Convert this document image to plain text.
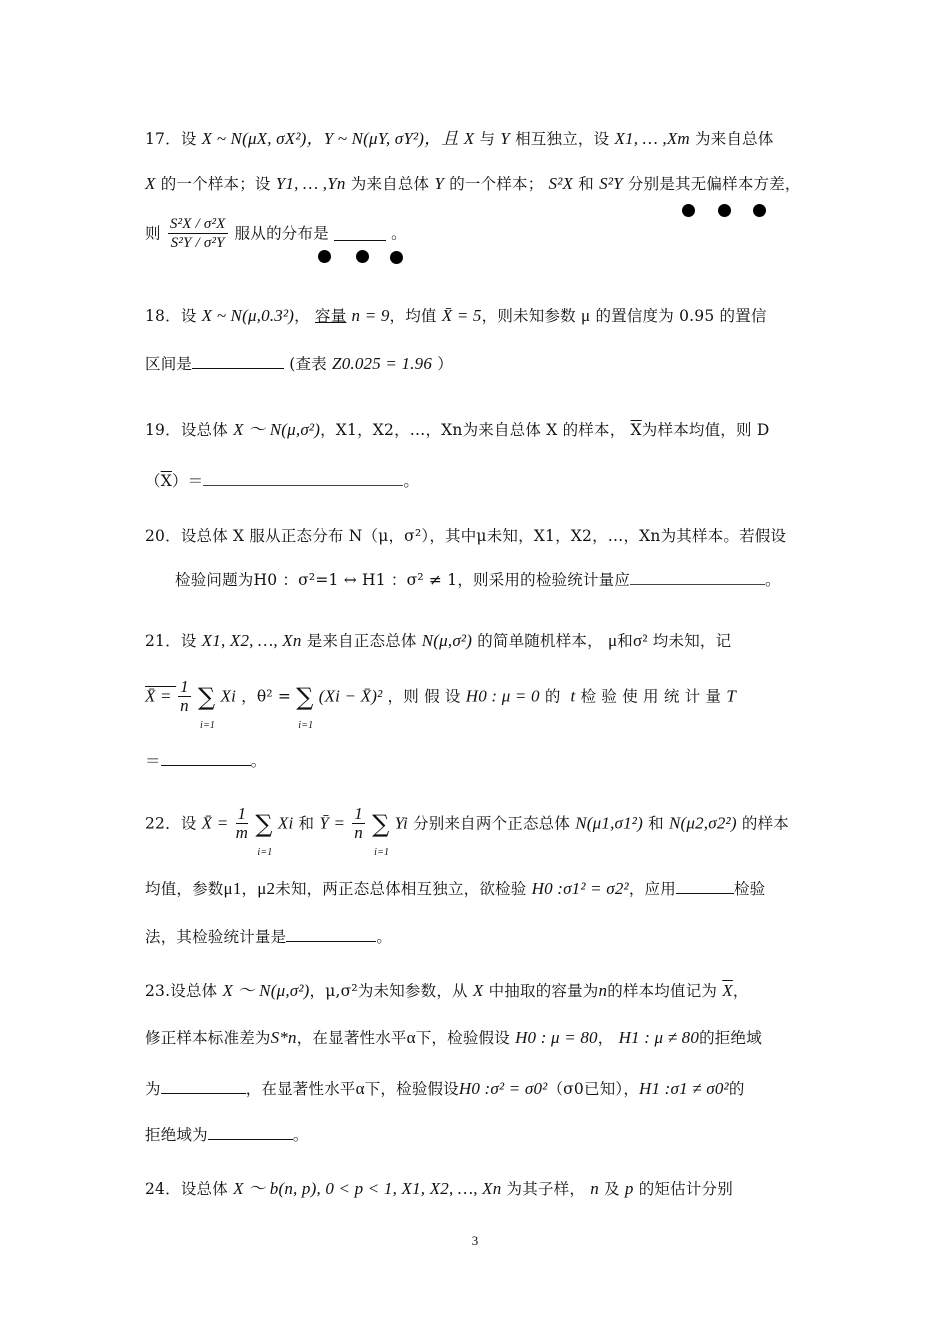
17．设 X ~ N(μX, σX²)，Y ~ N(μY, σY²)，且 X 与 Y 相互独立，设 X1, … ,Xm 为来自总体
X 的一个样本；设 Y1, … ,Yn 为来自总体 Y 的一个样本； S²X 和 S²Y 分别是其无偏样本方差，
则 $\frac{\text{S²X / σ²X}}{\text{S²Y / σ²Y}}$ 服从的分布是	。
18．设 X ~ N(μ,0.3²)， 容量 n = 9，均值 X̄ = 5，则未知参数 μ 的置信度为 0.95 的置信
区间是	(查表 Z0.025 = 1.96 ）
19．设总体 X ～ N(μ,σ²)，X1，X2，…，Xn为来自总体 X 的样本， $\overline{X}$为样本均值，则 D
$(\overline{X})=$	。
20．设总体 X 服从正态分布 N（μ，σ²），其中μ未知，X1，X2，…，Xn为其样本。若假设
检验问题为H0 ：σ²=1 ↔ H1 ：σ² ≠ 1，则采用的检验统计量应	。
21．设 X1, X2, …, Xn 是来自正态总体 N(μ,σ²) 的简单随机样本， μ和σ² 均未知，记
X̄ = $\frac{1}{n}$ ∑
i=1
Xi ，θ² = ∑
i=1
(Xi − X̄)² ，则 假 设 H0 : μ = 0 的 t 检 验 使 用 统 计 量 T
＝	。
22．设 X̄ = $\frac{1}{m}$ ∑
i=1
Xi 和 Ȳ = $\frac{1}{n}$ ∑
i=1
Yi 分别来自两个正态总体 N(μ1,σ1²) 和 N(μ2,σ2²) 的样本
均值，参数μ1，μ2未知，两正态总体相互独立，欲检验 H0 :σ1² = σ2²，应用	检验
法，其检验统计量是	。
23.设总体 X ～ N(μ,σ²)，μ,σ²为未知参数，从 X 中抽取的容量为n的样本均值记为 $\overline{X}$，
修正样本标准差为S*n，在显著性水平α下，检验假设 H0 : μ = 80， H1 : μ ≠ 80的拒绝域
为	，在显著性水平α下，检验假设H0 :σ² = σ0²（σ0已知），H1 :σ1 ≠ σ0²的
拒绝域为	。
24．设总体 X ～ b(n, p), 0 < p < 1, X1, X2, …, Xn 为其子样， n 及 p 的矩估计分别
3
